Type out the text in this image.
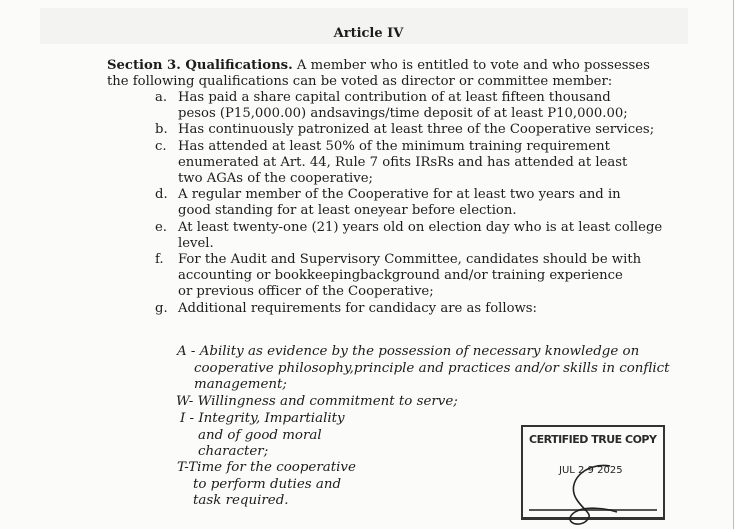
Article IV
Section 3. Qualifications. A member who is entitled to vote and who possesses
the following qualifications can be voted as director or committee member:
a. Has paid a share capital contribution of at least fifteen thousand
pesos (P15,000.00) andsavings/time deposit of at least P10,000.00;
b. Has continuously patronized at least three of the Cooperative services;
c. Has attended at least 50% of the minimum training requirement
enumerated at Art. 44, Rule 7 ofits IRsRs and has attended at least
two AGAs of the cooperative;
d. A regular member of the Cooperative for at least two years and in
good standing for at least oneyear before election.
e. At least twenty-one (21) years old on election day who is at least college
level.
f. For the Audit and Supervisory Committee, candidates should be with
accounting or bookkeepingbackground and/or training experience
or previous officer of the Cooperative;
g. Additional requirements for candidacy are as follows:
A - Ability as evidence by the possession of necessary knowledge on
cooperative philosophy,principle and practices and/or skills in conflict
management;
W- Willingness and commitment to serve;
I - Integrity, Impartiality
and of good moral
character;
T-Time for the cooperative
to perform duties and
task required.
CERTIFIED TRUE COPY
JUL 2 9 2025
